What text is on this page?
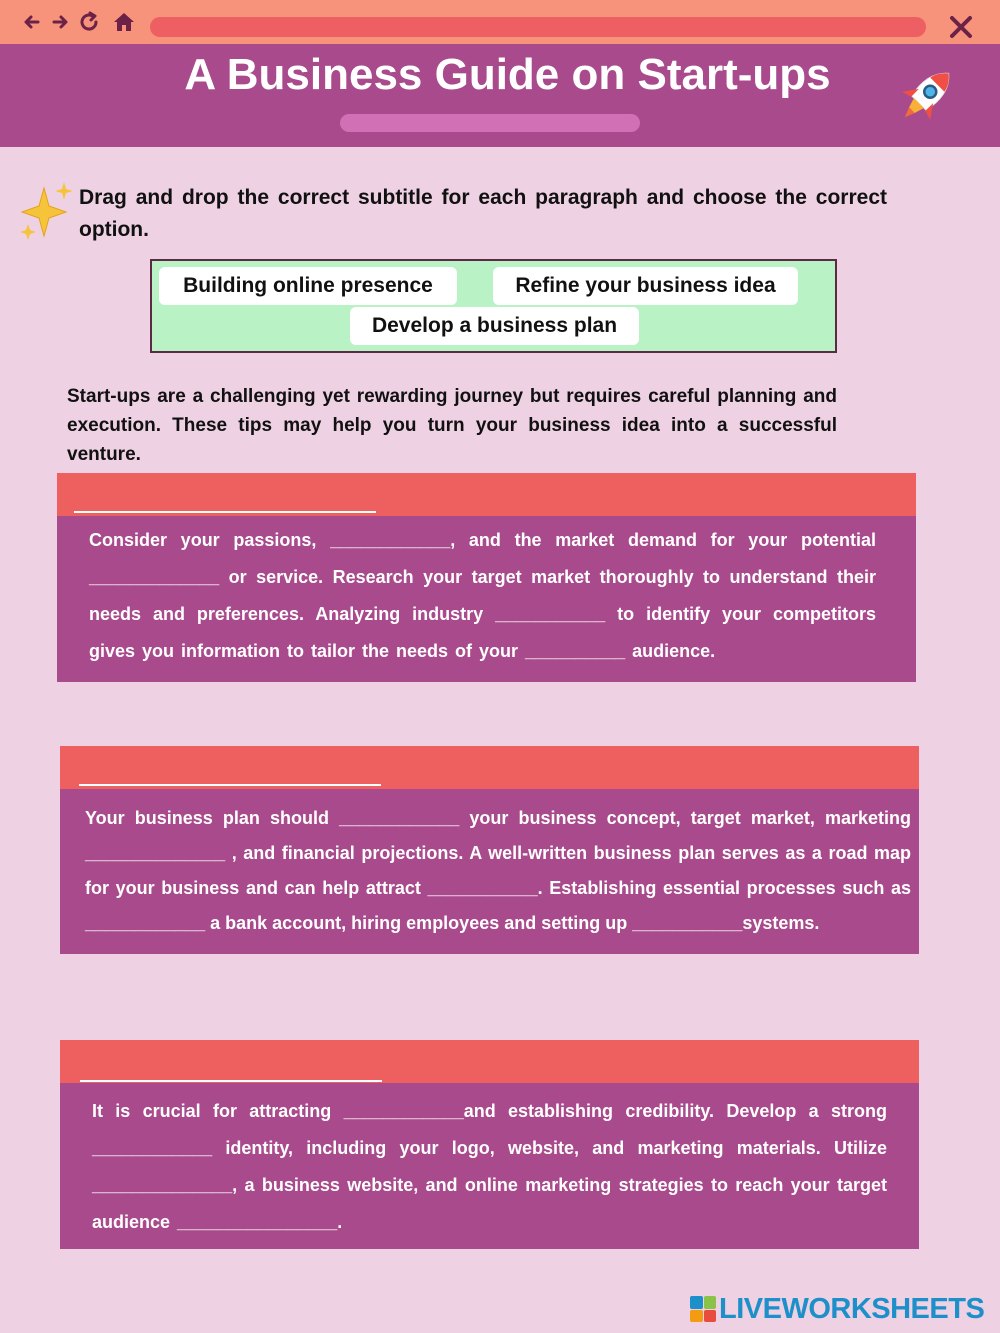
A Business Guide on Start-ups

Drag and drop the correct subtitle for each paragraph and choose the correct option.

Building online presence	Refine your business idea
Develop a business plan

Start-ups are a challenging yet rewarding journey but requires careful planning and execution. These tips may help you turn your business idea into a successful venture.

Consider your passions, ____________, and the market demand for your potential _____________ or service. Research your target market thoroughly to understand their needs and preferences. Analyzing industry ___________ to identify your competitors gives you information to tailor the needs of your __________ audience.

Your business plan should ____________ your business concept, target market, marketing ______________ , and financial projections. A well-written business plan serves as a road map for your business and can help attract ___________. Establishing essential processes such as ____________ a bank account, hiring employees and setting up ___________systems.

It is crucial for attracting ____________and establishing credibility. Develop a strong ____________ identity, including your logo, website, and marketing materials. Utilize ______________, a business website, and online marketing strategies to reach your target audience ________________.

LIVEWORKSHEETS
